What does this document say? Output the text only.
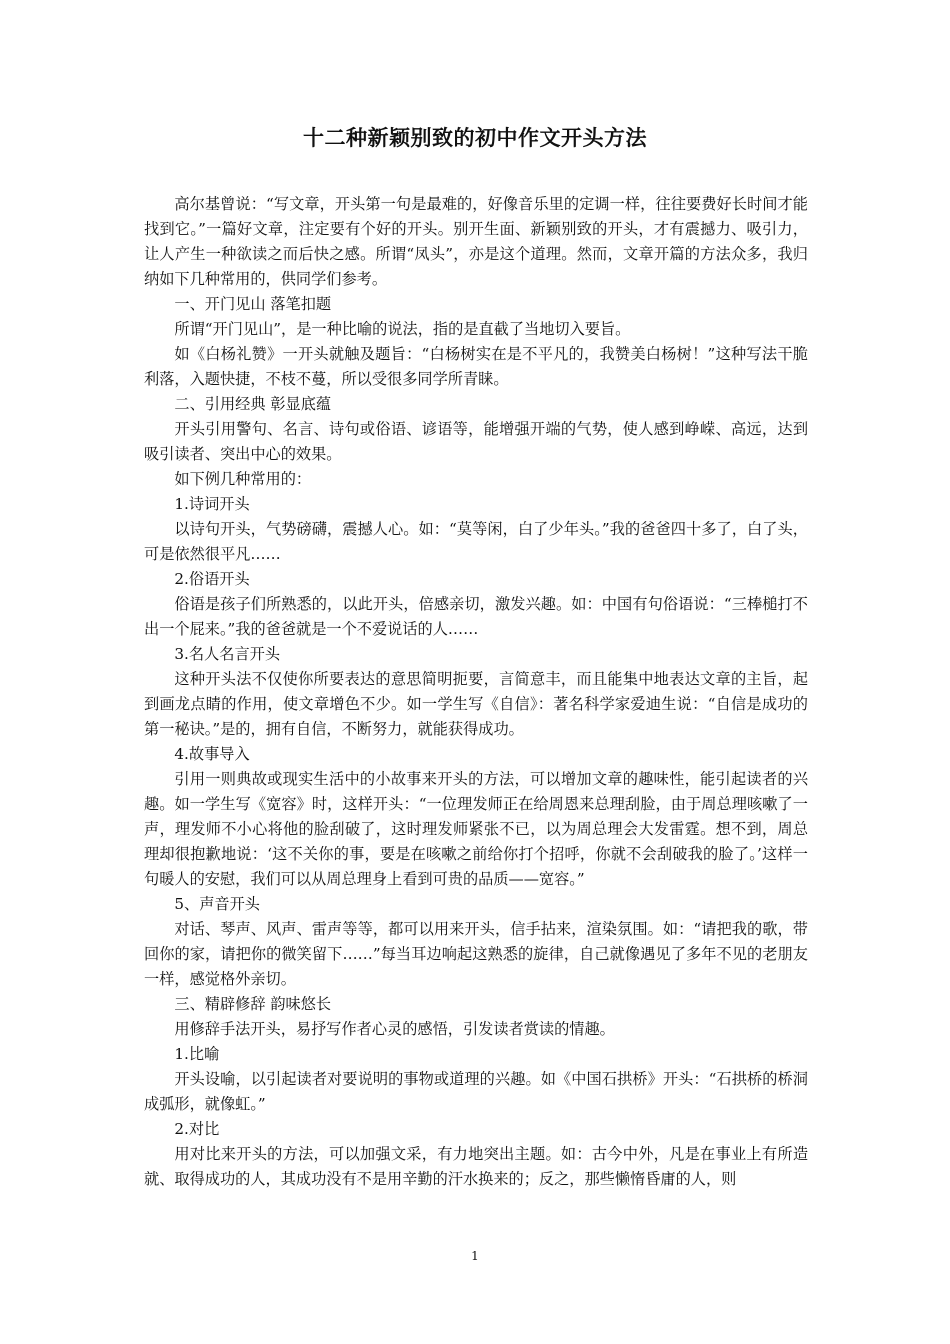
十二种新颖别致的初中作文开头方法

高尔基曾说：“写文章，开头第一句是最难的，好像音乐里的定调一样，往往要费好长时间才能找到它。”一篇好文章，注定要有个好的开头。别开生面、新颖别致的开头，才有震撼力、吸引力，让人产生一种欲读之而后快之感。所谓“凤头”，亦是这个道理。然而，文章开篇的方法众多，我归纳如下几种常用的，供同学们参考。

一、开门见山 落笔扣题

所谓“开门见山”，是一种比喻的说法，指的是直截了当地切入要旨。

如《白杨礼赞》一开头就触及题旨：“白杨树实在是不平凡的，我赞美白杨树！”这种写法干脆利落，入题快捷，不枝不蔓，所以受很多同学所青睐。

二、引用经典 彰显底蕴

开头引用警句、名言、诗句或俗语、谚语等，能增强开端的气势，使人感到峥嵘、高远，达到吸引读者、突出中心的效果。

如下例几种常用的：

1.诗词开头

以诗句开头，气势磅礴，震撼人心。如：“莫等闲，白了少年头。”我的爸爸四十多了，白了头，可是依然很平凡……

2.俗语开头

俗语是孩子们所熟悉的，以此开头，倍感亲切，激发兴趣。如：中国有句俗语说：“三棒槌打不出一个屁来。”我的爸爸就是一个不爱说话的人……

3.名人名言开头

这种开头法不仅使你所要表达的意思简明扼要，言简意丰，而且能集中地表达文章的主旨，起到画龙点睛的作用，使文章增色不少。如一学生写《自信》：著名科学家爱迪生说：“自信是成功的第一秘诀。”是的，拥有自信，不断努力，就能获得成功。

4.故事导入

引用一则典故或现实生活中的小故事来开头的方法，可以增加文章的趣味性，能引起读者的兴趣。如一学生写《宽容》时，这样开头：“一位理发师正在给周恩来总理刮脸，由于周总理咳嗽了一声，理发师不小心将他的脸刮破了，这时理发师紧张不已，以为周总理会大发雷霆。想不到，周总理却很抱歉地说：‘这不关你的事，要是在咳嗽之前给你打个招呼，你就不会刮破我的脸了。’这样一句暖人的安慰，我们可以从周总理身上看到可贵的品质——宽容。”

5、声音开头

对话、琴声、风声、雷声等等，都可以用来开头，信手拈来，渲染氛围。如：“请把我的歌，带回你的家，请把你的微笑留下……”每当耳边响起这熟悉的旋律，自己就像遇见了多年不见的老朋友一样，感觉格外亲切。

三、精辟修辞 韵味悠长

用修辞手法开头，易抒写作者心灵的感悟，引发读者赏读的情趣。

1.比喻

开头设喻，以引起读者对要说明的事物或道理的兴趣。如《中国石拱桥》开头：“石拱桥的桥洞成弧形，就像虹。”

2.对比

用对比来开头的方法，可以加强文采，有力地突出主题。如：古今中外，凡是在事业上有所造就、取得成功的人，其成功没有不是用辛勤的汗水换来的；反之，那些懒惰昏庸的人，则

1
